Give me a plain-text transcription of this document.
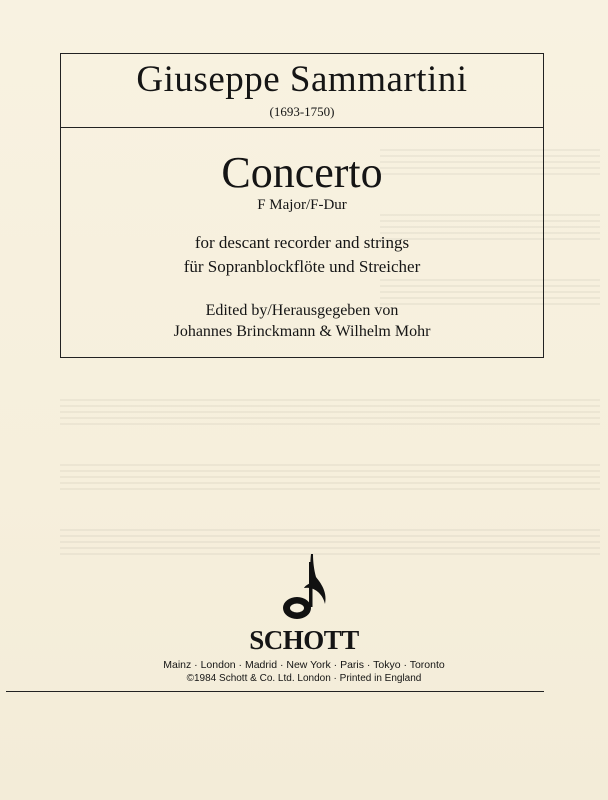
Giuseppe Sammartini
(1693-1750)
Concerto
F Major/F-Dur
for descant recorder and strings
für Sopranblockflöte und Streicher
Edited by/Herausgegeben von
Johannes Brinckmann & Wilhelm Mohr
SCHOTT
Mainz · London · Madrid · New York · Paris · Tokyo · Toronto
©1984 Schott & Co. Ltd. London · Printed in England
